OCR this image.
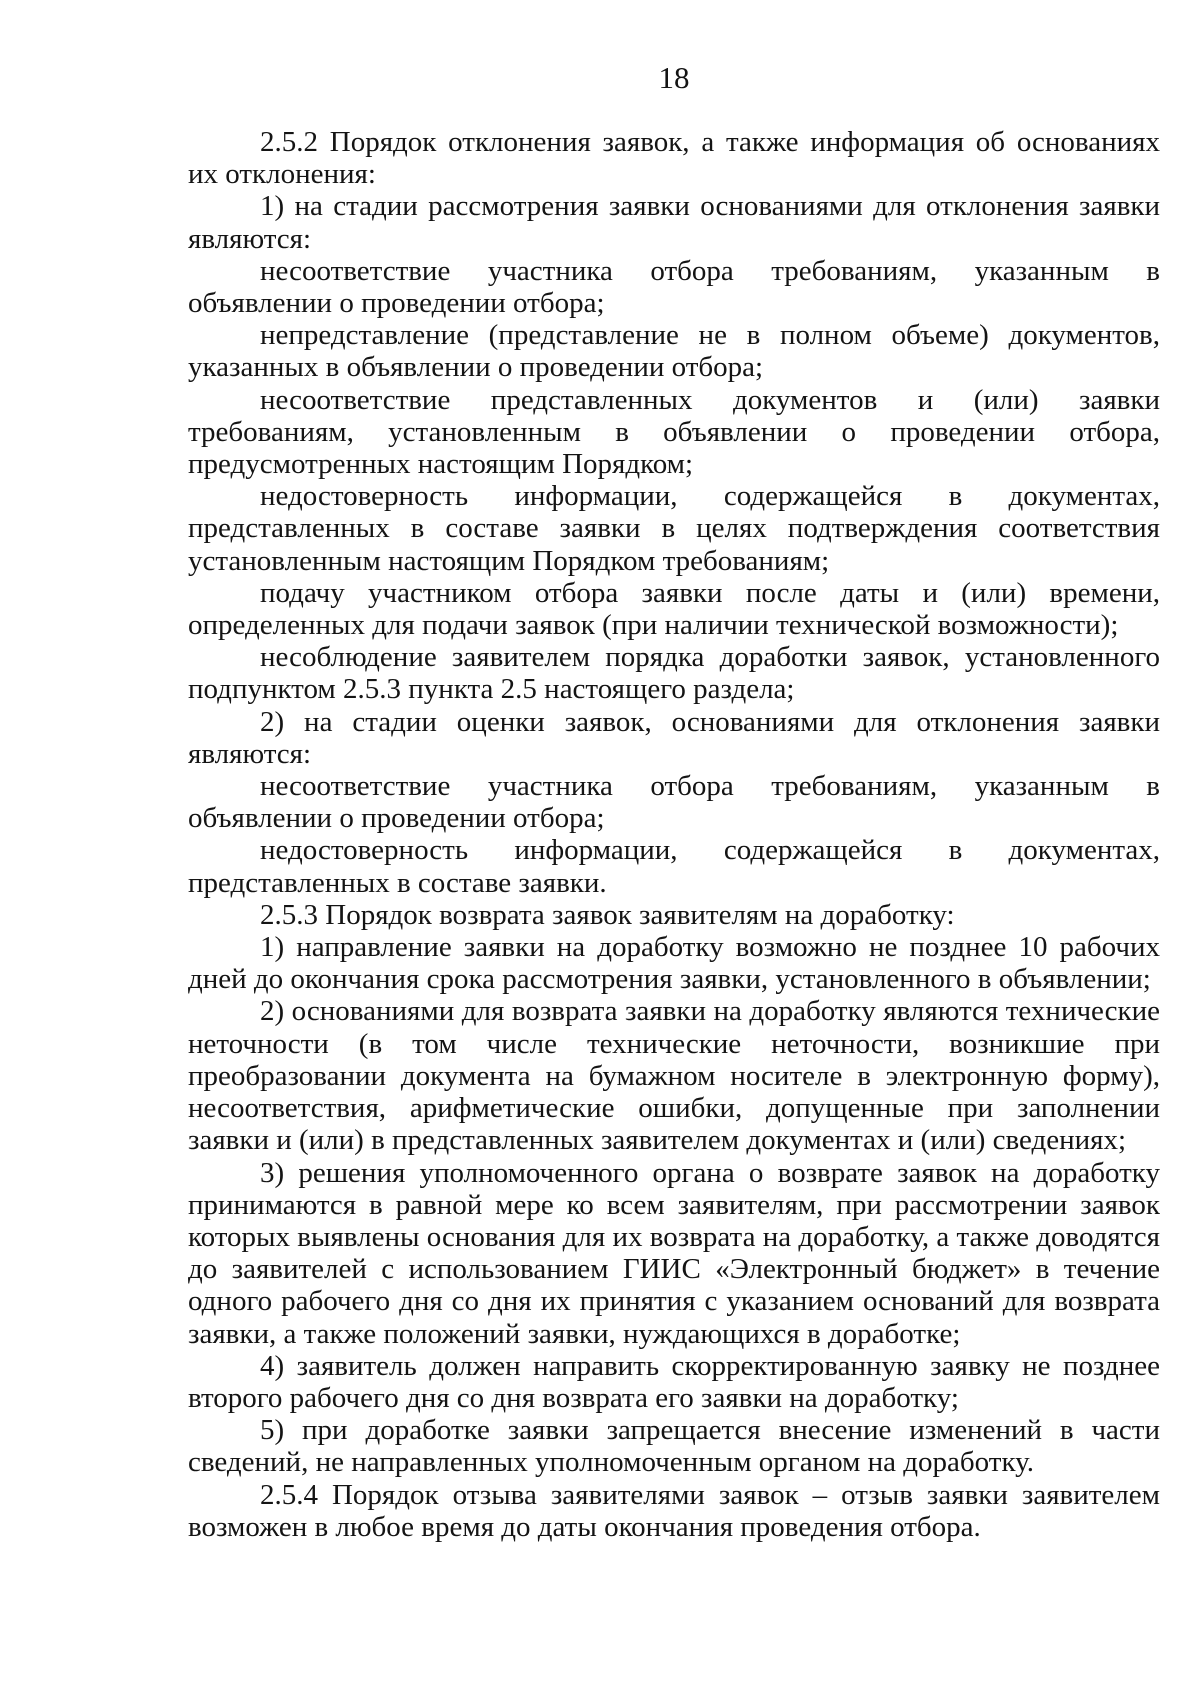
18

2.5.2 Порядок отклонения заявок, а также информация об основаниях их отклонения:

1) на стадии рассмотрения заявки основаниями для отклонения заявки являются:

несоответствие участника отбора требованиям, указанным в объявлении о проведении отбора;

непредставление (представление не в полном объеме) документов, указанных в объявлении о проведении отбора;

несоответствие представленных документов и (или) заявки требованиям, установленным в объявлении о проведении отбора, предусмотренных настоящим Порядком;

недостоверность информации, содержащейся в документах, представленных в составе заявки в целях подтверждения соответствия установленным настоящим Порядком требованиям;

подачу участником отбора заявки после даты и (или) времени, определенных для подачи заявок (при наличии технической возможности);

несоблюдение заявителем порядка доработки заявок, установленного подпунктом 2.5.3 пункта 2.5 настоящего раздела;

2) на стадии оценки заявок, основаниями для отклонения заявки являются:

несоответствие участника отбора требованиям, указанным в объявлении о проведении отбора;

недостоверность информации, содержащейся в документах, представленных в составе заявки.

2.5.3 Порядок возврата заявок заявителям на доработку:

1) направление заявки на доработку возможно не позднее 10 рабочих дней до окончания срока рассмотрения заявки, установленного в объявлении;

2) основаниями для возврата заявки на доработку являются технические неточности (в том числе технические неточности, возникшие при преобразовании документа на бумажном носителе в электронную форму), несоответствия, арифметические ошибки, допущенные при заполнении заявки и (или) в представленных заявителем документах и (или) сведениях;

3) решения уполномоченного органа о возврате заявок на доработку принимаются в равной мере ко всем заявителям, при рассмотрении заявок которых выявлены основания для их возврата на доработку, а также доводятся до заявителей с использованием ГИИС «Электронный бюджет» в течение одного рабочего дня со дня их принятия с указанием оснований для возврата заявки, а также положений заявки, нуждающихся в доработке;

4) заявитель должен направить скорректированную заявку не позднее второго рабочего дня со дня возврата его заявки на доработку;

5) при доработке заявки запрещается внесение изменений в части сведений, не направленных уполномоченным органом на доработку.

2.5.4 Порядок отзыва заявителями заявок – отзыв заявки заявителем возможен в любое время до даты окончания проведения отбора.
